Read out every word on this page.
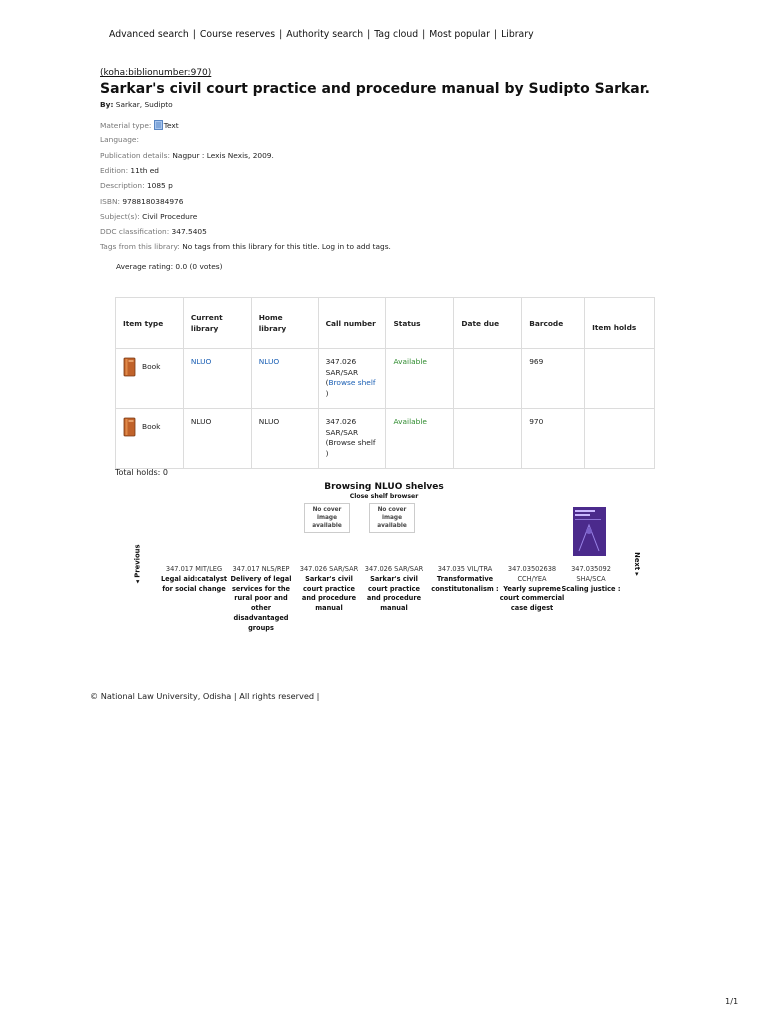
Advanced search | Course reserves | Authority search | Tag cloud | Most popular | Library
(koha:biblionumber:970)
Sarkar's civil court practice and procedure manual by Sudipto Sarkar.
By: Sarkar, Sudipto
Material type: Text
Language:
Publication details: Nagpur : Lexis Nexis, 2009.
Edition: 11th ed
Description: 1085 p
ISBN: 9788180384976
Subject(s): Civil Procedure
DDC classification: 347.5405
Tags from this library: No tags from this library for this title. Log in to add tags.
Average rating: 0.0 (0 votes)
Item type	Current library	Home library	Call number	Status	Date due	Barcode	Item holds
Book	NLUO	NLUO	347.026 SAR/SAR
(Browse shelf
)	Available		969	
Book	NLUO	NLUO	347.026 SAR/SAR
(Browse shelf
)	Available		970	
Total holds: 0
Browsing NLUO shelves
Close shelf browser
◂ Previous	Next ▸
No cover image available
No cover image available
347.017 MIT/LEG
Legal aid:catalyst for social change
347.017 NLS/REP
Delivery of legal services for the rural poor and other disadvantaged groups
347.026 SAR/SAR
Sarkar's civil court practice and procedure manual
347.026 SAR/SAR
Sarkar's civil court practice and procedure manual
347.035 VIL/TRA
Transformative constitutonalism :
347.03502638 CCH/YEA
Yearly supreme court commercial case digest
347.035092 SHA/SCA
Scaling justice :
© National Law University, Odisha | All rights reserved |
1/1
